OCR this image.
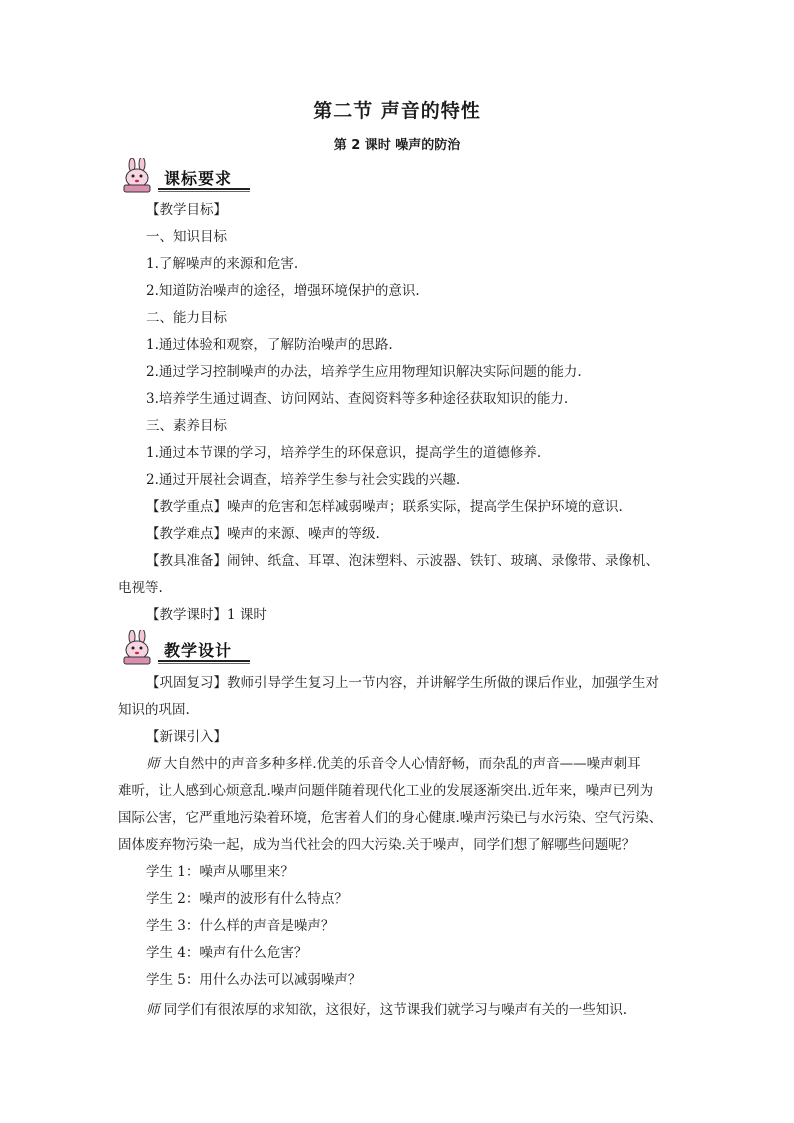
第二节 声音的特性
第 2 课时 噪声的防治
课标要求
【教学目标】
一、知识目标
1.了解噪声的来源和危害.
2.知道防治噪声的途径，增强环境保护的意识.
二、能力目标
1.通过体验和观察，了解防治噪声的思路.
2.通过学习控制噪声的办法，培养学生应用物理知识解决实际问题的能力.
3.培养学生通过调查、访问网站、查阅资料等多种途径获取知识的能力.
三、素养目标
1.通过本节课的学习，培养学生的环保意识，提高学生的道德修养.
2.通过开展社会调查，培养学生参与社会实践的兴趣.
【教学重点】噪声的危害和怎样减弱噪声；联系实际，提高学生保护环境的意识.
【教学难点】噪声的来源、噪声的等级.
【教具准备】闹钟、纸盒、耳罩、泡沫塑料、示波器、铁钉、玻璃、录像带、录像机、
电视等.
【教学课时】1 课时
教学设计
【巩固复习】教师引导学生复习上一节内容，并讲解学生所做的课后作业，加强学生对
知识的巩固.
【新课引入】
师 大自然中的声音多种多样.优美的乐音令人心情舒畅，而杂乱的声音——噪声刺耳
难听，让人感到心烦意乱.噪声问题伴随着现代化工业的发展逐渐突出.近年来，噪声已列为
国际公害，它严重地污染着环境，危害着人们的身心健康.噪声污染已与水污染、空气污染、
固体废弃物污染一起，成为当代社会的四大污染.关于噪声，同学们想了解哪些问题呢？
学生 1：噪声从哪里来？
学生 2：噪声的波形有什么特点？
学生 3：什么样的声音是噪声？
学生 4：噪声有什么危害？
学生 5：用什么办法可以减弱噪声？
师 同学们有很浓厚的求知欲，这很好，这节课我们就学习与噪声有关的一些知识.
